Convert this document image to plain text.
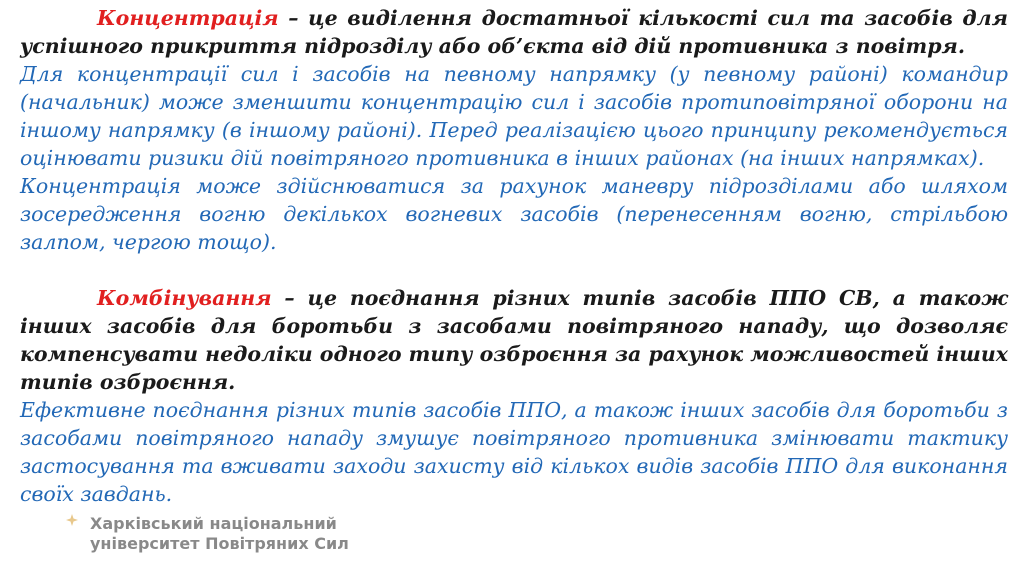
Концентрація – це виділення достатньої кількості сил та засобів для успішного прикриття підрозділу або об’єкта від дій противника з повітря.

Для концентрації сил і засобів на певному напрямку (у певному районі) командир (начальник) може зменшити концентрацію сил і засобів протиповітряної оборони на іншому напрямку (в іншому районі). Перед реалізацією цього принципу рекомендується оцінювати ризики дій повітряного противника в інших районах (на інших напрямках).

Концентрація може здійснюватися за рахунок маневру підрозділами або шляхом зосередження вогню декількох вогневих засобів (перенесенням вогню, стрільбою залпом, чергою тощо).

Комбінування – це поєднання різних типів засобів ППО СВ, а також інших засобів для боротьби з засобами повітряного нападу, що дозволяє компенсувати недоліки одного типу озброєння за рахунок можливостей інших типів озброєння.

Ефективне поєднання різних типів засобів ППО, а також інших засобів для боротьби з засобами повітряного нападу змушує повітряного противника змінювати тактику застосування та вживати заходи захисту від кількох видів засобів ППО для виконання своїх завдань.

Харківський національний
університет Повітряних Сил
